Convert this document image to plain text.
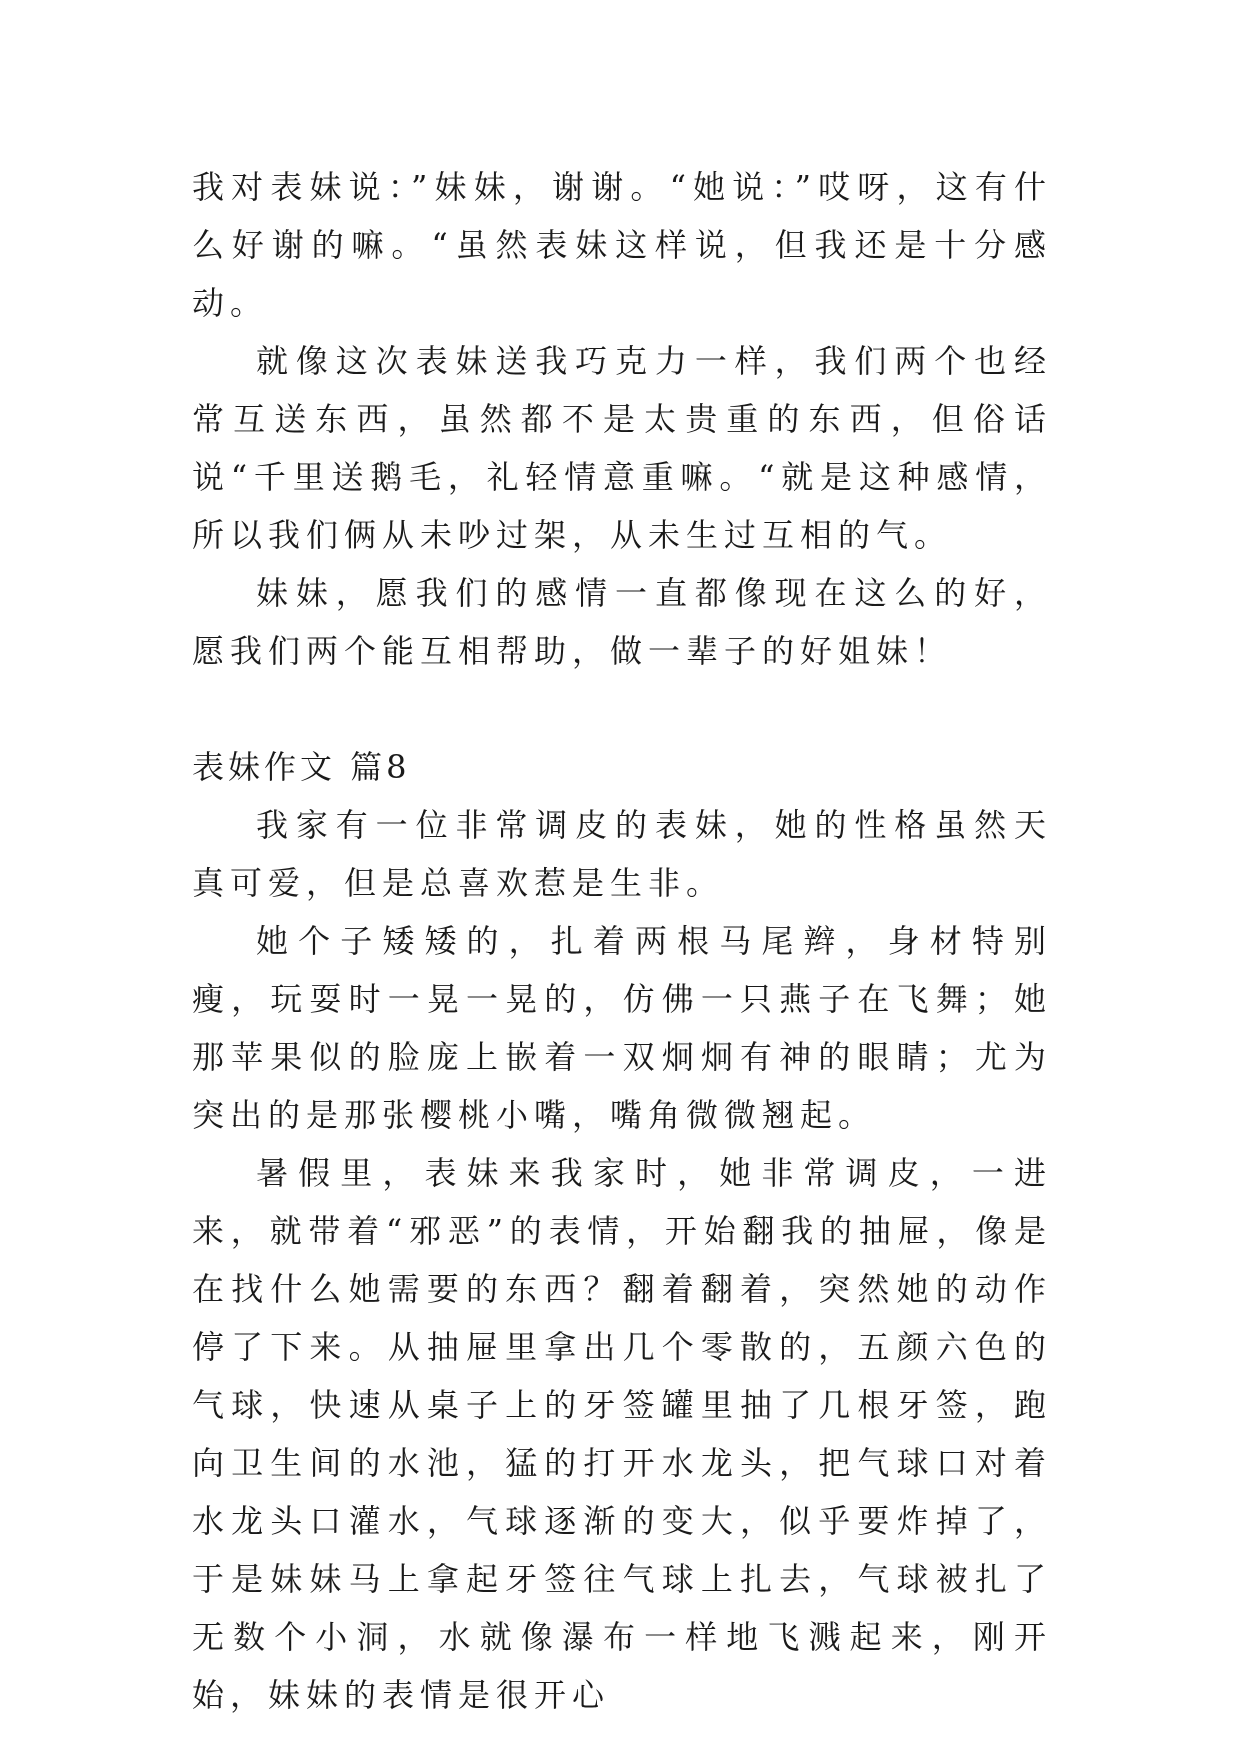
我对表妹说：”妹妹，谢谢。“她说：”哎呀，这有什么好谢的嘛。“虽然表妹这样说，但我还是十分感动。

就像这次表妹送我巧克力一样，我们两个也经常互送东西，虽然都不是太贵重的东西，但俗话说“千里送鹅毛，礼轻情意重嘛。“就是这种感情，所以我们俩从未吵过架，从未生过互相的气。

妹妹，愿我们的感情一直都像现在这么的好，愿我们两个能互相帮助，做一辈子的好姐妹！

表妹作文 篇8

我家有一位非常调皮的表妹，她的性格虽然天真可爱，但是总喜欢惹是生非。

她个子矮矮的，扎着两根马尾辫，身材特别瘦，玩耍时一晃一晃的，仿佛一只燕子在飞舞；她那苹果似的脸庞上嵌着一双炯炯有神的眼睛；尤为突出的是那张樱桃小嘴，嘴角微微翘起。

暑假里，表妹来我家时，她非常调皮，一进来，就带着“邪恶”的表情，开始翻我的抽屉，像是在找什么她需要的东西？翻着翻着，突然她的动作停了下来。从抽屉里拿出几个零散的，五颜六色的气球，快速从桌子上的牙签罐里抽了几根牙签，跑向卫生间的水池，猛的打开水龙头，把气球口对着水龙头口灌水，气球逐渐的变大，似乎要炸掉了，于是妹妹马上拿起牙签往气球上扎去，气球被扎了无数个小洞，水就像瀑布一样地飞溅起来，刚开始，妹妹的表情是很开心
